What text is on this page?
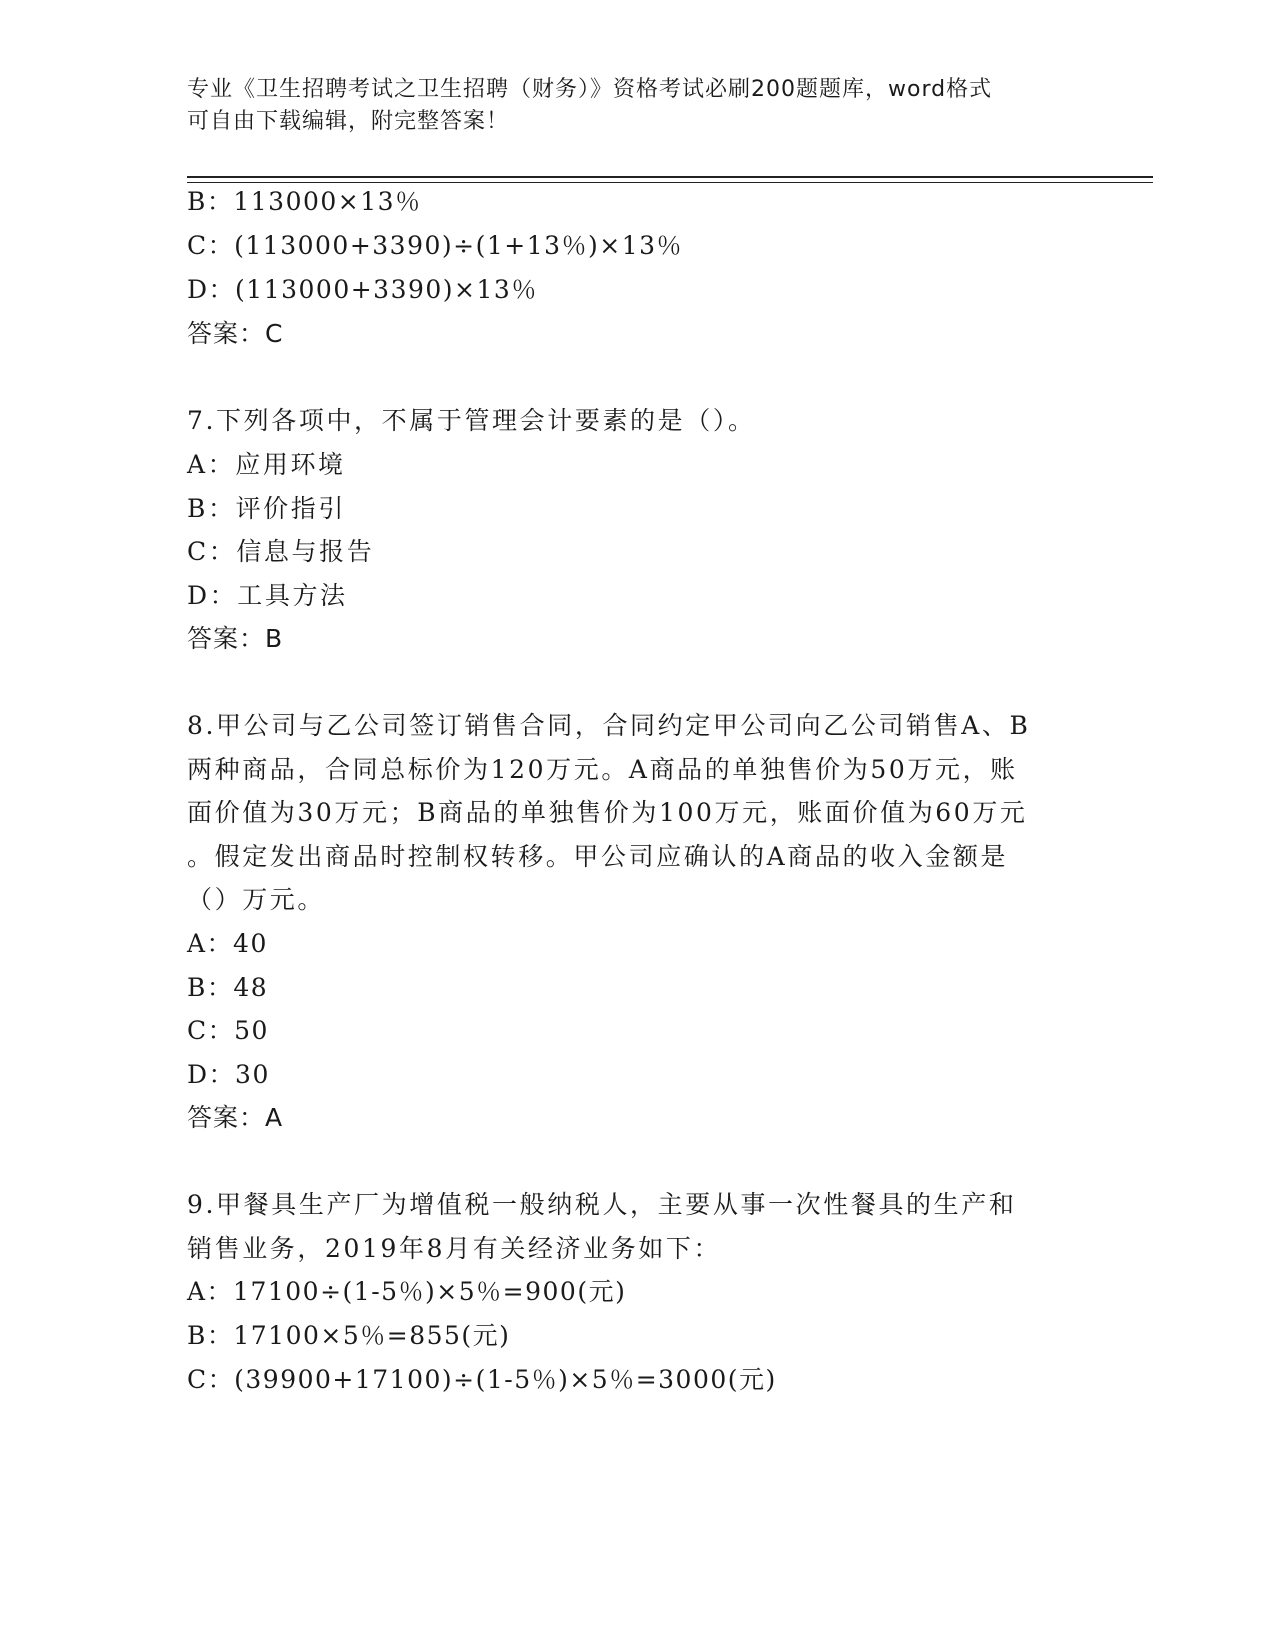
专业《卫生招聘考试之卫生招聘（财务）》资格考试必刷200题题库，word格式
可自由下载编辑，附完整答案！
B：113000×13％
C：(113000+3390)÷(1+13％)×13％
D：(113000+3390)×13％
答案：C
7.下列各项中，不属于管理会计要素的是（）。
A：应用环境
B：评价指引
C：信息与报告
D：工具方法
答案：B
8.甲公司与乙公司签订销售合同，合同约定甲公司向乙公司销售A、B
两种商品，合同总标价为120万元。A商品的单独售价为50万元，账
面价值为30万元；B商品的单独售价为100万元，账面价值为60万元
。假定发出商品时控制权转移。甲公司应确认的A商品的收入金额是
（）万元。
A：40
B：48
C：50
D：30
答案：A
9.甲餐具生产厂为增值税一般纳税人，主要从事一次性餐具的生产和
销售业务，2019年8月有关经济业务如下：
A：17100÷(1-5％)×5％=900(元)
B：17100×5％=855(元)
C：(39900+17100)÷(1-5％)×5％=3000(元)
